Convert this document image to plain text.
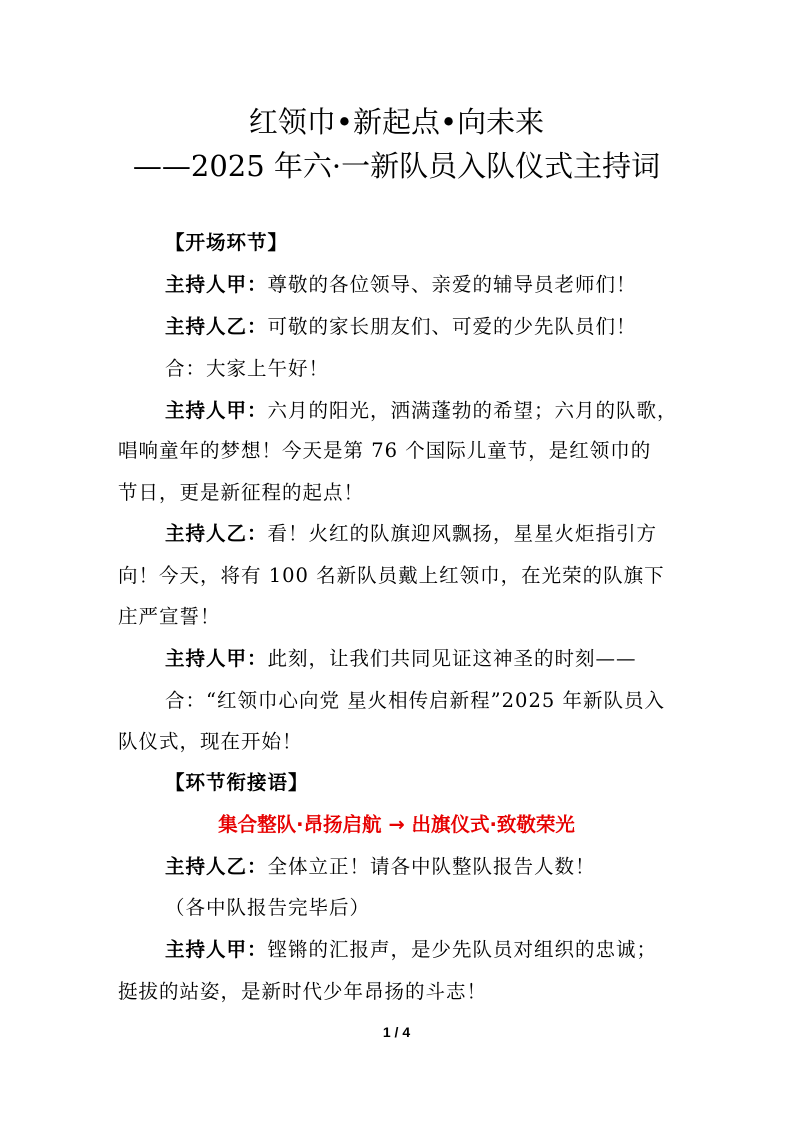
红领巾•新起点•向未来
——2025 年六·一新队员入队仪式主持词
【开场环节】
主持人甲：尊敬的各位领导、亲爱的辅导员老师们！
主持人乙：可敬的家长朋友们、可爱的少先队员们！
合：大家上午好！
主持人甲：六月的阳光，洒满蓬勃的希望；六月的队歌，
唱响童年的梦想！今天是第 76 个国际儿童节，是红领巾的
节日，更是新征程的起点！
主持人乙：看！火红的队旗迎风飘扬，星星火炬指引方
向！今天，将有 100 名新队员戴上红领巾，在光荣的队旗下
庄严宣誓！
主持人甲：此刻，让我们共同见证这神圣的时刻——
合：“红领巾心向党 星火相传启新程”2025 年新队员入
队仪式，现在开始！
【环节衔接语】
集合整队·昂扬启航 → 出旗仪式·致敬荣光
主持人乙：全体立正！请各中队整队报告人数！
（各中队报告完毕后）
主持人甲：铿锵的汇报声，是少先队员对组织的忠诚；
挺拔的站姿，是新时代少年昂扬的斗志！
1 / 4
